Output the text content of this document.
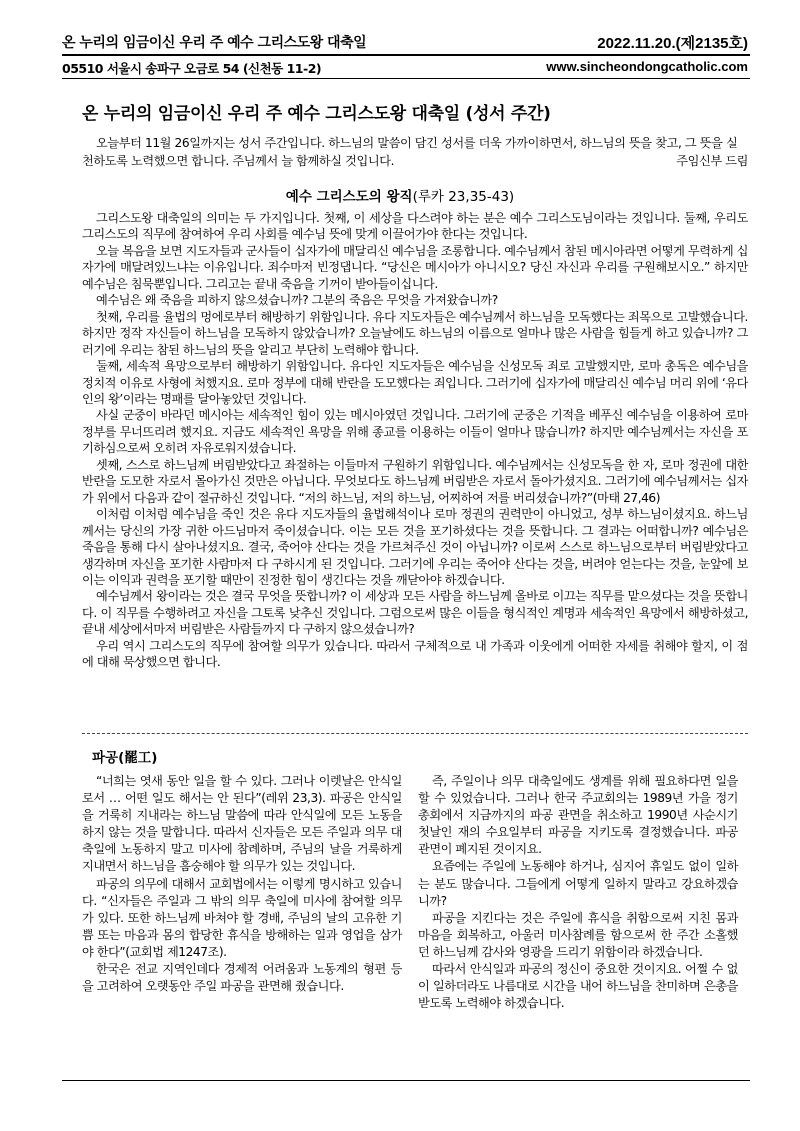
온 누리의 임금이신 우리 주 예수 그리스도왕 대축일	2022.11.20.(제2135호)
05510 서울시 송파구 오금로 54 (신천동 11-2)	www.sincheondongcatholic.com
온 누리의 임금이신 우리 주 예수 그리스도왕 대축일 (성서 주간)

오늘부터 11월 26일까지는 성서 주간입니다. 하느님의 말씀이 담긴 성서를 더욱 가까이하면서, 하느님의 뜻을 찾고, 그 뜻을 실천하도록 노력했으면 합니다. 주님께서 늘 함께하실 것입니다.	주임신부 드림
예수 그리스도의 왕직(루카 23,35-43)

그리스도왕 대축일의 의미는 두 가지입니다. 첫째, 이 세상을 다스려야 하는 분은 예수 그리스도님이라는 것입니다. 둘째, 우리도 그리스도의 직무에 참여하여 우리 사회를 예수님 뜻에 맞게 이끌어가야 한다는 것입니다.

오늘 복음을 보면 지도자들과 군사들이 십자가에 매달리신 예수님을 조롱합니다. 예수님께서 참된 메시아라면 어떻게 무력하게 십자가에 매달려있느냐는 이유입니다. 죄수마저 빈정댑니다. “당신은 메시아가 아니시오? 당신 자신과 우리를 구원해보시오.” 하지만 예수님은 침묵뿐입니다. 그리고는 끝내 죽음을 기꺼이 받아들이십니다.

예수님은 왜 죽음을 피하지 않으셨습니까? 그분의 죽음은 무엇을 가져왔습니까?

첫째, 우리를 율법의 멍에로부터 해방하기 위함입니다. 유다 지도자들은 예수님께서 하느님을 모독했다는 죄목으로 고발했습니다. 하지만 정작 자신들이 하느님을 모독하지 않았습니까? 오늘날에도 하느님의 이름으로 얼마나 많은 사람을 힘들게 하고 있습니까? 그러기에 우리는 참된 하느님의 뜻을 알리고 부단히 노력해야 합니다.

둘째, 세속적 욕망으로부터 해방하기 위함입니다. 유다인 지도자들은 예수님을 신성모독 죄로 고발했지만, 로마 총독은 예수님을 정치적 이유로 사형에 처했지요. 로마 정부에 대해 반란을 도모했다는 죄입니다. 그러기에 십자가에 매달리신 예수님 머리 위에 ‘유다인의 왕’이라는 명패를 달아놓았던 것입니다.

사실 군중이 바라던 메시아는 세속적인 힘이 있는 메시아였던 것입니다. 그러기에 군중은 기적을 베푸신 예수님을 이용하여 로마 정부를 무너뜨리려 했지요. 지금도 세속적인 욕망을 위해 종교를 이용하는 이들이 얼마나 많습니까? 하지만 예수님께서는 자신을 포기하심으로써 오히려 자유로워지셨습니다.

셋째, 스스로 하느님께 버림받았다고 좌절하는 이들마저 구원하기 위함입니다. 예수님께서는 신성모독을 한 자, 로마 정권에 대한 반란을 도모한 자로서 몰아가신 것만은 아닙니다. 무엇보다도 하느님께 버림받은 자로서 돌아가셨지요. 그러기에 예수님께서는 십자가 위에서 다음과 같이 절규하신 것입니다. “저의 하느님, 저의 하느님, 어찌하여 저를 버리셨습니까?”(마태 27,46)

이처럼 이처럼 예수님을 죽인 것은 유다 지도자들의 율법해석이나 로마 정권의 권력만이 아니었고, 성부 하느님이셨지요. 하느님께서는 당신의 가장 귀한 아드님마저 죽이셨습니다. 이는 모든 것을 포기하셨다는 것을 뜻합니다. 그 결과는 어떠합니까? 예수님은 죽음을 통해 다시 살아나셨지요. 결국, 죽어야 산다는 것을 가르쳐주신 것이 아닙니까? 이로써 스스로 하느님으로부터 버림받았다고 생각하며 자신을 포기한 사람마저 다 구하시게 된 것입니다. 그러기에 우리는 죽어야 산다는 것을, 버려야 얻는다는 것을, 눈앞에 보이는 이익과 권력을 포기할 때만이 진정한 힘이 생긴다는 것을 깨닫아야 하겠습니다.

예수님께서 왕이라는 것은 결국 무엇을 뜻합니까? 이 세상과 모든 사람을 하느님께 올바로 이끄는 직무를 맡으셨다는 것을 뜻합니다. 이 직무를 수행하려고 자신을 그토록 낮추신 것입니다. 그럼으로써 많은 이들을 형식적인 계명과 세속적인 욕망에서 해방하셨고, 끝내 세상에서마저 버림받은 사람들까지 다 구하지 않으셨습니까?

우리 역시 그리스도의 직무에 참여할 의무가 있습니다. 따라서 구체적으로 내 가족과 이웃에게 어떠한 자세를 취해야 할지, 이 점에 대해 묵상했으면 합니다.

파공(罷工)

“너희는 엿새 동안 일을 할 수 있다. 그러나 이렛날은 안식일로서 … 어떤 일도 해서는 안 된다”(레위 23,3). 파공은 안식일을 거룩히 지내라는 하느님 말씀에 따라 안식일에 모든 노동을 하지 않는 것을 말합니다. 따라서 신자들은 모든 주일과 의무 대축일에 노동하지 말고 미사에 참례하며, 주님의 날을 거룩하게 지내면서 하느님을 흠숭해야 할 의무가 있는 것입니다.

파공의 의무에 대해서 교회법에서는 이렇게 명시하고 있습니다. “신자들은 주일과 그 밖의 의무 축일에 미사에 참여할 의무가 있다. 또한 하느님께 바쳐야 할 경배, 주님의 날의 고유한 기쁨 또는 마음과 몸의 합당한 휴식을 방해하는 일과 영업을 삼가야 한다”(교회법 제1247조).

한국은 전교 지역인데다 경제적 어려움과 노동계의 형편 등을 고려하여 오랫동안 주일 파공을 관면해 줬습니다.

즉, 주일이나 의무 대축일에도 생계를 위해 필요하다면 일을 할 수 있었습니다. 그러나 한국 주교회의는 1989년 가을 정기총회에서 지금까지의 파공 관면을 취소하고 1990년 사순시기 첫날인 재의 수요일부터 파공을 지키도록 결정했습니다. 파공 관면이 폐지된 것이지요.

요즘에는 주일에 노동해야 하거나, 심지어 휴일도 없이 일하는 분도 많습니다. 그들에게 어떻게 일하지 말라고 강요하겠습니까?

파공을 지킨다는 것은 주일에 휴식을 취함으로써 지친 몸과 마음을 회복하고, 아울러 미사참례를 함으로써 한 주간 소홀했던 하느님께 감사와 영광을 드리기 위함이라 하겠습니다.

따라서 안식일과 파공의 정신이 중요한 것이지요. 어쩔 수 없이 일하더라도 나름대로 시간을 내어 하느님을 찬미하며 은총을 받도록 노력해야 하겠습니다.
